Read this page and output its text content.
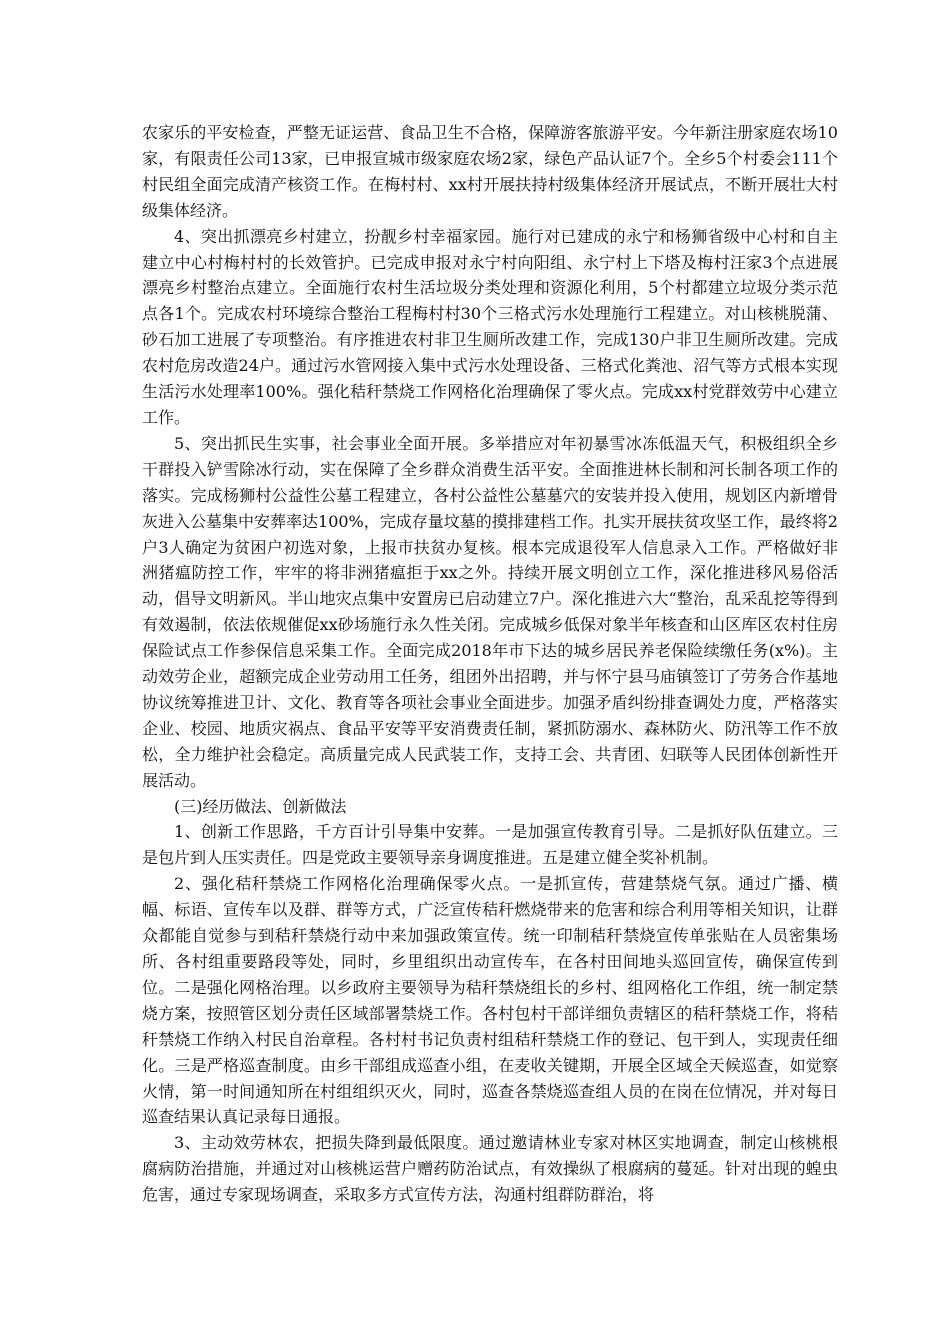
农家乐的平安检查，严整无证运营、食品卫生不合格，保障游客旅游平安。今年新注册家庭农场10家，有限责任公司13家，已申报宣城市级家庭农场2家，绿色产品认证7个。全乡5个村委会111个村民组全面完成清产核资工作。在梅村村、xx村开展扶持村级集体经济开展试点，不断开展壮大村级集体经济。

4、突出抓漂亮乡村建立，扮靓乡村幸福家园。施行对已建成的永宁和杨狮省级中心村和自主建立中心村梅村村的长效管护。已完成申报对永宁村向阳组、永宁村上下塔及梅村汪家3个点进展漂亮乡村整治点建立。全面施行农村生活垃圾分类处理和资源化利用，5个村都建立垃圾分类示范点各1个。完成农村环境综合整治工程梅村村30个三格式污水处理施行工程建立。对山核桃脱蒲、砂石加工进展了专项整治。有序推进农村非卫生厕所改建工作，完成130户非卫生厕所改建。完成农村危房改造24户。通过污水管网接入集中式污水处理设备、三格式化粪池、沼气等方式根本实现生活污水处理率100%。强化秸秆禁烧工作网格化治理确保了零火点。完成xx村党群效劳中心建立工作。

5、突出抓民生实事，社会事业全面开展。多举措应对年初暴雪冰冻低温天气，积极组织全乡干群投入铲雪除冰行动，实在保障了全乡群众消费生活平安。全面推进林长制和河长制各项工作的落实。完成杨狮村公益性公墓工程建立，各村公益性公墓墓穴的安装并投入使用，规划区内新增骨灰进入公墓集中安葬率达100%，完成存量坟墓的摸排建档工作。扎实开展扶贫攻坚工作，最终将2户3人确定为贫困户初选对象，上报市扶贫办复核。根本完成退役军人信息录入工作。严格做好非洲猪瘟防控工作，牢牢的将非洲猪瘟拒于xx之外。持续开展文明创立工作，深化推进移风易俗活动，倡导文明新风。半山地灾点集中安置房已启动建立7户。深化推进六大“整治，乱采乱挖等得到有效遏制，依法依规催促xx砂场施行永久性关闭。完成城乡低保对象半年核查和山区库区农村住房保险试点工作参保信息采集工作。全面完成2018年市下达的城乡居民养老保险续缴任务(x%)。主动效劳企业，超额完成企业劳动用工任务，组团外出招聘，并与怀宁县马庙镇签订了劳务合作基地协议统筹推进卫计、文化、教育等各项社会事业全面进步。加强矛盾纠纷排查调处力度，严格落实企业、校园、地质灾祸点、食品平安等平安消费责任制，紧抓防溺水、森林防火、防汛等工作不放松，全力维护社会稳定。高质量完成人民武装工作，支持工会、共青团、妇联等人民团体创新性开展活动。

(三)经历做法、创新做法

1、创新工作思路，千方百计引导集中安葬。一是加强宣传教育引导。二是抓好队伍建立。三是包片到人压实责任。四是党政主要领导亲身调度推进。五是建立健全奖补机制。

2、强化秸秆禁烧工作网格化治理确保零火点。一是抓宣传，营建禁烧气氛。通过广播、横幅、标语、宣传车以及群、群等方式，广泛宣传秸秆燃烧带来的危害和综合利用等相关知识，让群众都能自觉参与到秸秆禁烧行动中来加强政策宣传。统一印制秸秆禁烧宣传单张贴在人员密集场所、各村组重要路段等处，同时，乡里组织出动宣传车，在各村田间地头巡回宣传，确保宣传到位。二是强化网格治理。以乡政府主要领导为秸秆禁烧组长的乡村、组网格化工作组，统一制定禁烧方案，按照管区划分责任区域部署禁烧工作。各村包村干部详细负责辖区的秸秆禁烧工作，将秸秆禁烧工作纳入村民自治章程。各村村书记负责村组秸秆禁烧工作的登记、包干到人，实现责任细化。三是严格巡查制度。由乡干部组成巡查小组，在麦收关键期，开展全区域全天候巡查，如觉察火情，第一时间通知所在村组组织灭火，同时，巡查各禁烧巡查组人员的在岗在位情况，并对每日巡查结果认真记录每日通报。

3、主动效劳林农，把损失降到最低限度。通过邀请林业专家对林区实地调查，制定山核桃根腐病防治措施，并通过对山核桃运营户赠药防治试点，有效操纵了根腐病的蔓延。针对出现的蝗虫危害，通过专家现场调查，采取多方式宣传方法，沟通村组群防群治，将
